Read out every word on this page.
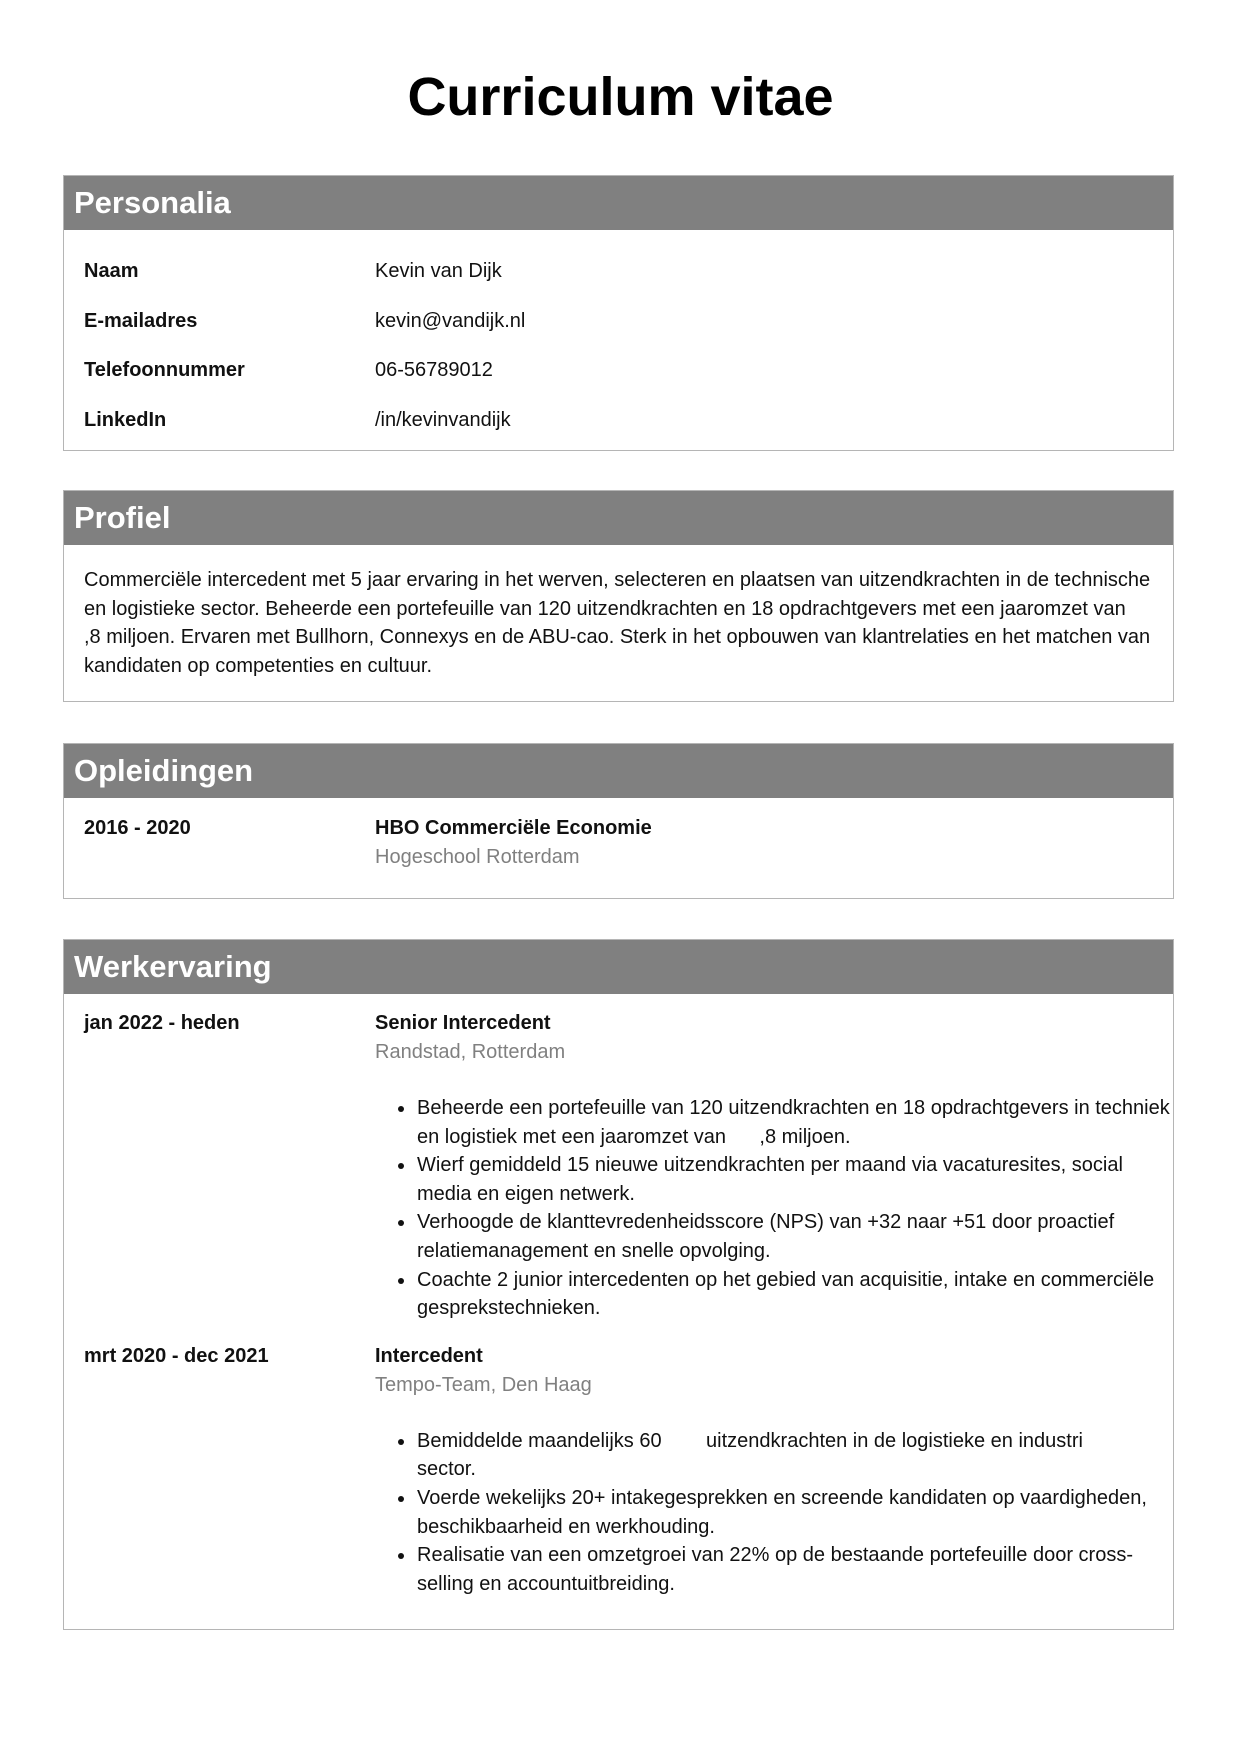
Curriculum vitae
Personalia
Naam	Kevin van Dijk
E-mailadres	kevin@vandijk.nl
Telefoonnummer	06-56789012
LinkedIn	/in/kevinvandijk
Profiel
Commerciële intercedent met 5 jaar ervaring in het werven, selecteren en plaatsen van uitzendkrachten in de technische en logistieke sector. Beheerde een portefeuille van 120 uitzendkrachten en 18 opdrachtgevers met een jaaromzet van      ,8 miljoen. Ervaren met Bullhorn, Connexys en de ABU-cao. Sterk in het opbouwen van klantrelaties en het matchen van kandidaten op competenties en cultuur.
Opleidingen
2016 - 2020	HBO Commerciële Economie
Hogeschool Rotterdam
Werkervaring
jan 2022 - heden	Senior Intercedent
Randstad, Rotterdam
• Beheerde een portefeuille van 120 uitzendkrachten en 18 opdrachtgevers in techniek en logistiek met een jaaromzet van      ,8 miljoen.
• Wierf gemiddeld 15 nieuwe uitzendkrachten per maand via vacaturesites, social media en eigen netwerk.
• Verhoogde de klanttevredenheidsscore (NPS) van +32 naar +51 door proactief relatiemanagement en snelle opvolging.
• Coachte 2 junior intercedenten op het gebied van acquisitie, intake en commerciële gesprekstechnieken.
mrt 2020 - dec 2021	Intercedent
Tempo-Team, Den Haag
• Bemiddelde maandelijks 60        uitzendkrachten in de logistieke en industri       sector.
• Voerde wekelijks 20+ intakegesprekken en screende kandidaten op vaardigheden, beschikbaarheid en werkhouding.
• Realisatie van een omzetgroei van 22% op de bestaande portefeuille door cross-selling en accountuitbreiding.
